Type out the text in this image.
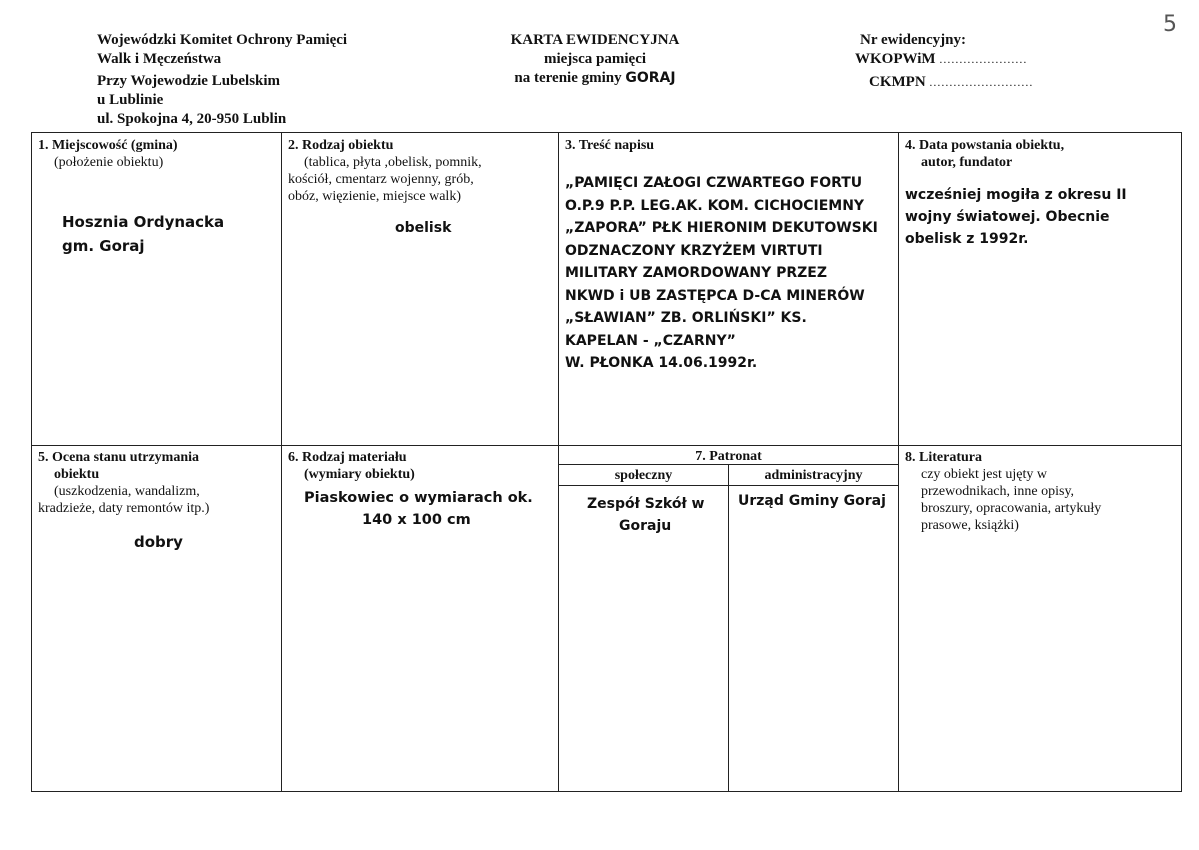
5
Wojewódzki Komitet Ochrony Pamięci
Walk i Męczeństwa
Przy Wojewodzie Lubelskim
u Lublinie
ul. Spokojna 4, 20-950 Lublin
KARTA EWIDENCYJNA
miejsca pamięci
na terenie gminy GORAJ
Nr ewidencyjny:
WKOPWiM ......................
CKMPN ..........................
1. Miejscowość (gmina)
(położenie obiektu)
Hosznia Ordynacka
gm. Goraj
2. Rodzaj obiektu
(tablica, płyta ,obelisk, pomnik,
kościół, cmentarz wojenny, grób,
obóz, więzienie, miejsce walk)
obelisk
3. Treść napisu
„PAMIĘCI ZAŁOGI CZWARTEGO FORTU
O.P.9 P.P. LEG.AK. KOM. CICHOCIEMNY
„ZAPORA” PŁK HIERONIM DEKUTOWSKI
ODZNACZONY KRZYŻEM VIRTUTI
MILITARY ZAMORDOWANY PRZEZ
NKWD i UB ZASTĘPCA D-CA MINERÓW
„SŁAWIAN” ZB. ORLIŃSKI” KS.
KAPELAN - „CZARNY”
W. PŁONKA 14.06.1992r.
4. Data powstania obiektu,
autor, fundator
wcześniej mogiła z okresu II
wojny światowej. Obecnie
obelisk z 1992r.
5. Ocena stanu utrzymania
obiektu
(uszkodzenia, wandalizm,
kradzieże, daty remontów itp.)
dobry
6. Rodzaj materiału
(wymiary obiektu)
Piaskowiec o wymiarach ok.
140 x 100 cm
7. Patronat
społeczny	administracyjny
Zespół Szkół w
Goraju
Urząd Gminy Goraj
8. Literatura
czy obiekt jest ujęty w
przewodnikach, inne opisy,
broszury, opracowania, artykuły
prasowe, książki)
